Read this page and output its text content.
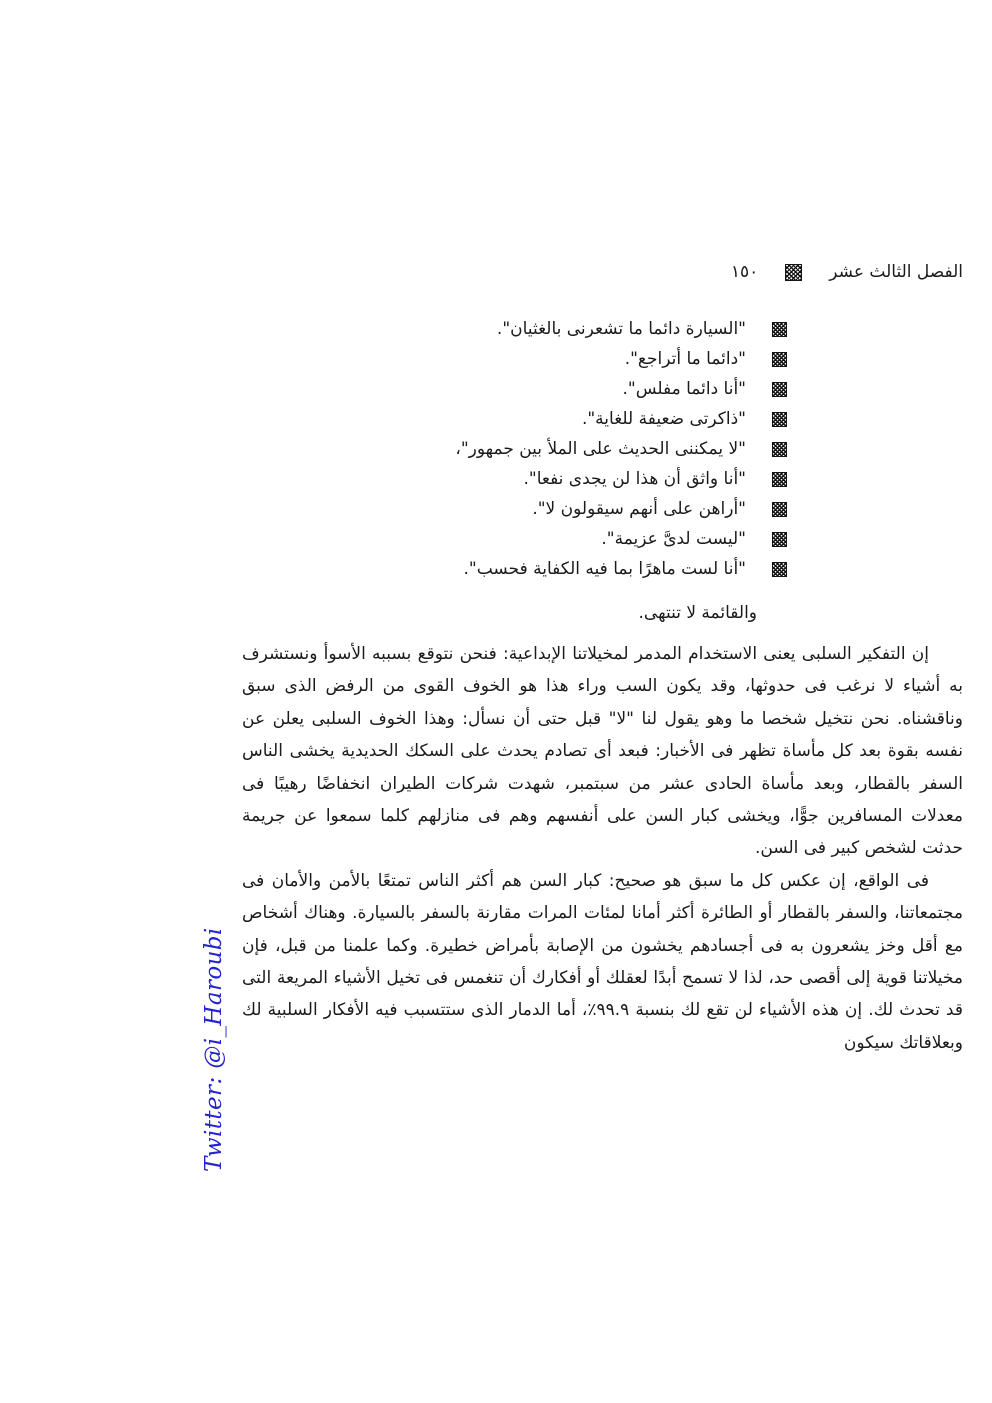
الفصل الثالث عشر
١٥٠
"السيارة دائما ما تشعرنى بالغثيان".
"دائما ما أتراجع".
"أنا دائما مفلس".
"ذاكرتى ضعيفة للغاية".
"لا يمكننى الحديث على الملأ بين جمهور"،
"أنا واثق أن هذا لن يجدى نفعا".
"أراهن على أنهم سيقولون لا".
"ليست لدىَّ عزيمة".
"أنا لست ماهرًا بما فيه الكفاية فحسب".
والقائمة لا تنتهى.

إن التفكير السلبى يعنى الاستخدام المدمر لمخيلاتنا الإبداعية: فنحن نتوقع بسببه الأسوأ ونستشرف به أشياء لا نرغب فى حدوثها، وقد يكون السب وراء هذا هو الخوف القوى من الرفض الذى سبق وناقشناه. نحن نتخيل شخصا ما وهو يقول لنا "لا" قبل حتى أن نسأل: وهذا الخوف السلبى يعلن عن نفسه بقوة بعد كل مأساة تظهر فى الأخبار: فبعد أى تصادم يحدث على السكك الحديدية يخشى الناس السفر بالقطار، وبعد مأساة الحادى عشر من سبتمبر، شهدت شركات الطيران انخفاضًا رهيبًا فى معدلات المسافرين جوًّا، ويخشى كبار السن على أنفسهم وهم فى منازلهم كلما سمعوا عن جريمة حدثت لشخص كبير فى السن.

فى الواقع، إن عكس كل ما سبق هو صحيح: كبار السن هم أكثر الناس تمتعًا بالأمن والأمان فى مجتمعاتنا، والسفر بالقطار أو الطائرة أكثر أمانا لمئات المرات مقارنة بالسفر بالسيارة. وهناك أشخاص مع أقل وخز يشعرون به فى أجسادهم يخشون من الإصابة بأمراض خطيرة. وكما علمنا من قبل، فإن مخيلاتنا قوية إلى أقصى حد، لذا لا تسمح أبدًا لعقلك أو أفكارك أن تنغمس فى تخيل الأشياء المريعة التى قد تحدث لك. إن هذه الأشياء لن تقع لك بنسبة ٩٩.٩٪، أما الدمار الذى ستتسبب فيه الأفكار السلبية لك وبعلاقاتك سيكون

Twitter: @i_Haroubi
